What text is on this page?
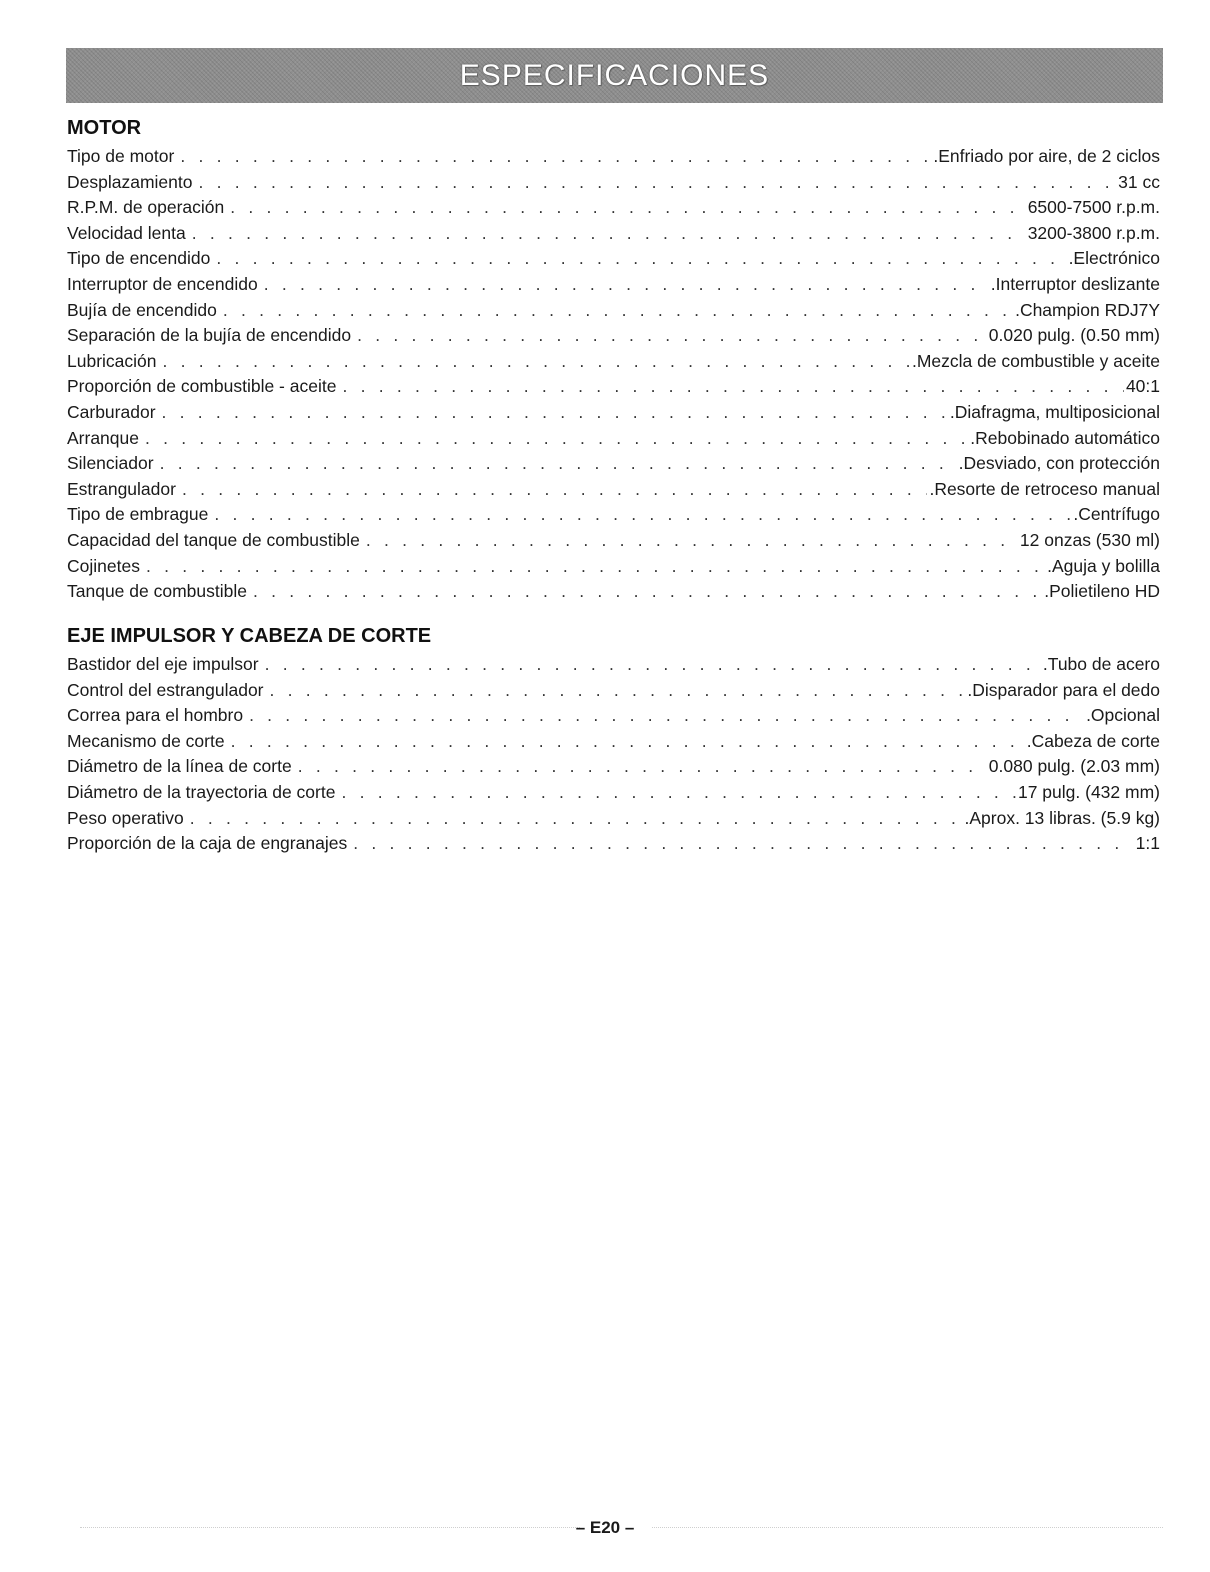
ESPECIFICACIONES
MOTOR
Tipo de motor . . .	.Enfriado por aire, de 2 ciclos
Desplazamiento . . .	31 cc
R.P.M. de operación . . .	6500-7500 r.p.m.
Velocidad lenta . . .	3200-3800 r.p.m.
Tipo de encendido . . .	.Electrónico
Interruptor de encendido . . .	.Interruptor deslizante
Bujía de encendido . . .	.Champion RDJ7Y
Separación de la bujía de encendido . . .	0.020 pulg. (0.50 mm)
Lubricación . . .	.Mezcla de combustible y aceite
Proporción de combustible - aceite . . .	40:1
Carburador . . .	.Diafragma, multiposicional
Arranque . . .	.Rebobinado automático
Silenciador . . .	.Desviado, con protección
Estrangulador . . .	.Resorte de retroceso manual
Tipo de embrague . . .	.Centrífugo
Capacidad del tanque de combustible . . .	12 onzas (530 ml)
Cojinetes . . .	.Aguja y bolilla
Tanque de combustible . . .	.Polietileno HD
EJE IMPULSOR Y CABEZA DE CORTE
Bastidor del eje impulsor . . .	.Tubo de acero
Control del estrangulador . . .	.Disparador para el dedo
Correa para el hombro . . .	.Opcional
Mecanismo de corte . . .	.Cabeza de corte
Diámetro de la línea de corte . . .	0.080 pulg. (2.03 mm)
Diámetro de la trayectoria de corte . . .	17 pulg. (432 mm)
Peso operativo . . .	.Aprox. 13 libras. (5.9 kg)
Proporción de la caja de engranajes . . .	1:1
– E20 –
